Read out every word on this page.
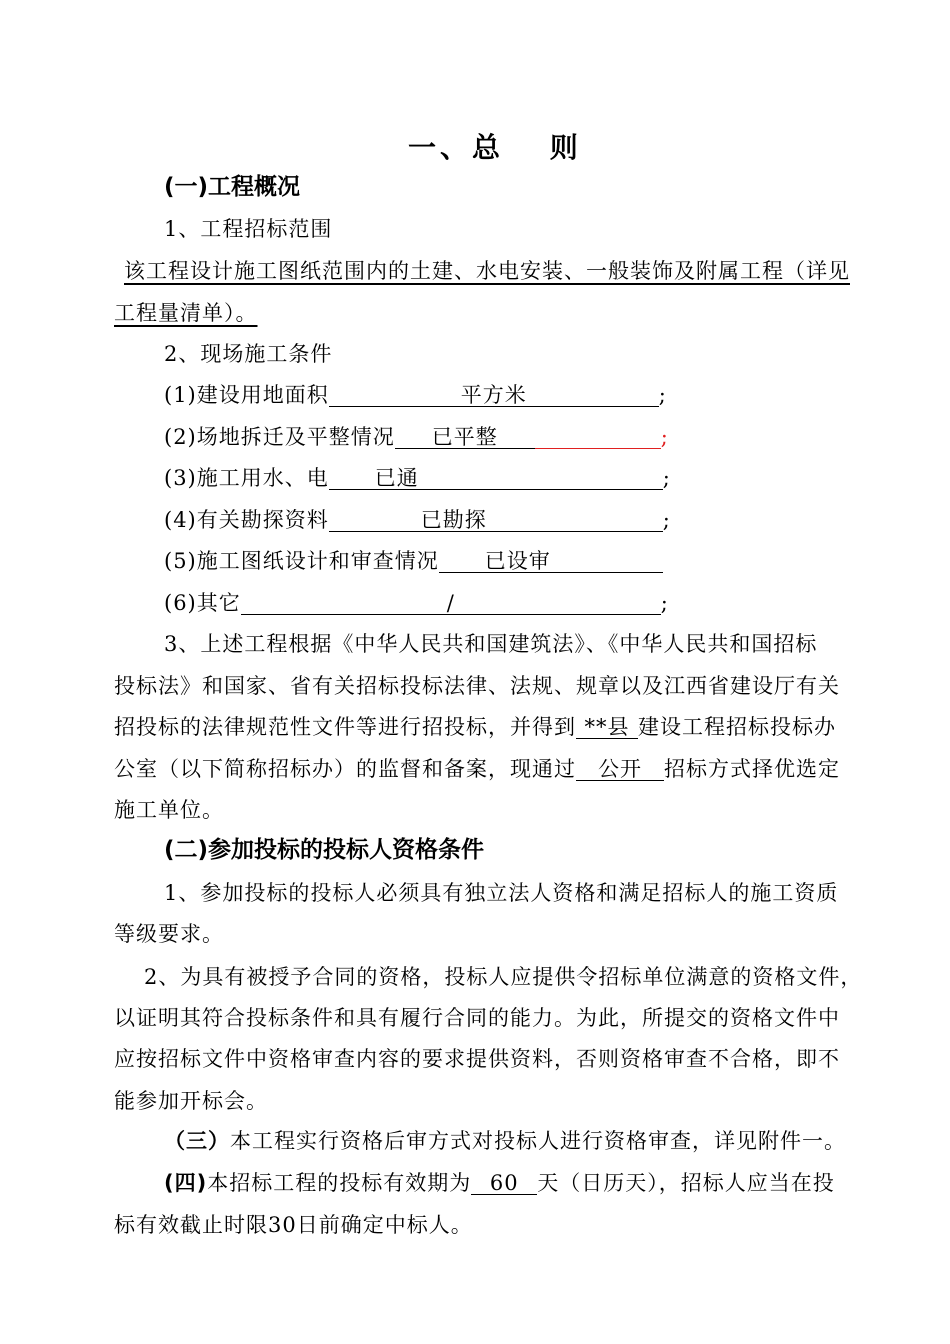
一、总　 则
(一)工程概况
1、工程招标范围
该工程设计施工图纸范围内的土建、水电安装、一般装饰及附属工程（详见
工程量清单）。
2、现场施工条件
(1)建设用地面积	平方米	;
(2)场地拆迁及平整情况 已平整	;
(3)施工用水、电 已通	;
(4)有关勘探资料	已勘探	;
(5)施工图纸设计和审查情况 已设审
(6)其它	/	;
3、上述工程根据《中华人民共和国建筑法》、《中华人民共和国招标
投标法》和国家、省有关招标投标法律、法规、规章以及江西省建设厅有关
招投标的法律规范性文件等进行招投标，并得到 **县 建设工程招标投标办
公室（以下简称招标办）的监督和备案，现通过 公开 招标方式择优选定
施工单位。
(二)参加投标的投标人资格条件
1、参加投标的投标人必须具有独立法人资格和满足招标人的施工资质
等级要求。
2、为具有被授予合同的资格，投标人应提供令招标单位满意的资格文件，
以证明其符合投标条件和具有履行合同的能力。为此，所提交的资格文件中
应按招标文件中资格审查内容的要求提供资料，否则资格审查不合格，即不
能参加开标会。
（三）本工程实行资格后审方式对投标人进行资格审查，详见附件一。
(四)本招标工程的投标有效期为 60 天（日历天），招标人应当在投
标有效截止时限30日前确定中标人。
